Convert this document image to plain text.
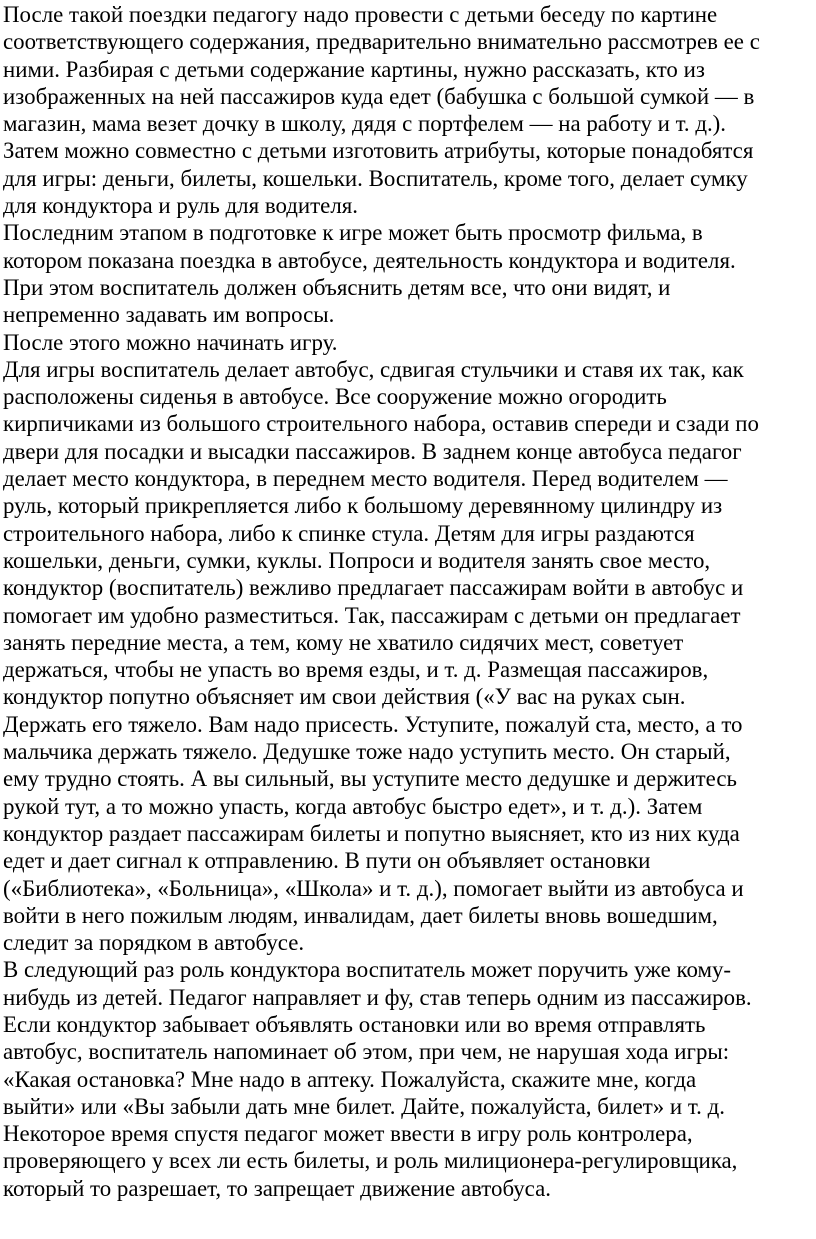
После такой поездки педагогу надо провести с детьми беседу по картине
соответствующего содержания, предварительно внимательно рассмотрев ее с
ними. Разбирая с детьми содержание картины, нужно рассказать, кто из
изображенных на ней пассажиров куда едет (бабушка с большой сумкой — в
магазин, мама везет дочку в школу, дядя с портфелем — на работу и т. д.).
Затем можно совместно с детьми изготовить атрибуты, которые понадобятся
для игры: деньги, билеты, кошельки. Воспитатель, кроме того, делает сумку
для кондуктора и руль для водителя.
Последним этапом в подготовке к игре может быть просмотр фильма, в
котором показана поездка в автобусе, деятельность кондуктора и водителя.
При этом воспитатель должен объяснить детям все, что они видят, и
непременно задавать им вопросы.
После этого можно начинать игру.
Для игры воспитатель делает автобус, сдвигая стульчики и ставя их так, как
расположены сиденья в автобусе. Все сооружение можно огородить
кирпичиками из большого строительного набора, оставив спереди и сзади по
двери для посадки и высадки пассажиров. В заднем конце автобуса педагог
делает место кондуктора, в переднем место водителя. Перед водителем —
руль, который прикрепляется либо к большому деревянному цилиндру из
строительного набора, либо к спинке стула. Детям для игры раздаются
кошельки, деньги, сумки, куклы. Попроси и водителя занять свое место,
кондуктор (воспитатель) вежливо предлагает пассажирам войти в автобус и
помогает им удобно разместиться. Так, пассажирам с детьми он предлагает
занять передние места, а тем, кому не хватило сидячих мест, советует
держаться, чтобы не упасть во время езды, и т. д. Размещая пассажиров,
кондуктор попутно объясняет им свои действия («У вас на руках сын.
Держать его тяжело. Вам надо присесть. Уступите, пожалуй ста, место, а то
мальчика держать тяжело. Дедушке тоже надо уступить место. Он старый,
ему трудно стоять. А вы сильный, вы уступите место дедушке и держитесь
рукой тут, а то можно упасть, когда автобус быстро едет», и т. д.). Затем
кондуктор раздает пассажирам билеты и попутно выясняет, кто из них куда
едет и дает сигнал к отправлению. В пути он объявляет остановки
(«Библиотека», «Больница», «Школа» и т. д.), помогает выйти из автобуса и
войти в него пожилым людям, инвалидам, дает билеты вновь вошедшим,
следит за порядком в автобусе.
В следующий раз роль кондуктора воспитатель может поручить уже кому-
нибудь из детей. Педагог направляет и фу, став теперь одним из пассажиров.
Если кондуктор забывает объявлять остановки или во время отправлять
автобус, воспитатель напоминает об этом, при чем, не нарушая хода игры:
«Какая остановка? Мне надо в аптеку. Пожалуйста, скажите мне, когда
выйти» или «Вы забыли дать мне билет. Дайте, пожалуйста, билет» и т. д.
Некоторое время спустя педагог может ввести в игру роль контролера,
проверяющего у всех ли есть билеты, и роль милиционера-регулировщика,
который то разрешает, то запрещает движение автобуса.
